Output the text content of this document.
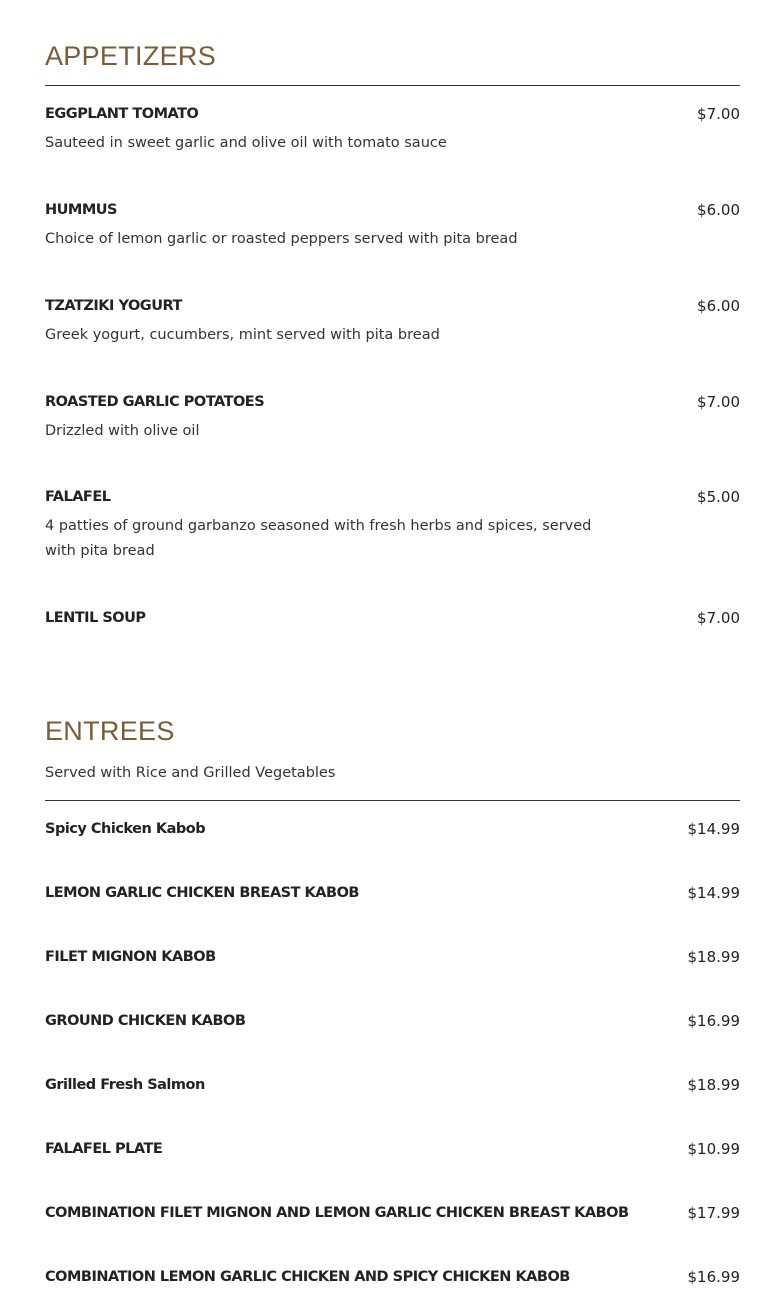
APPETIZERS
EGGPLANT TOMATO	$7.00
Sauteed in sweet garlic and olive oil with tomato sauce
HUMMUS	$6.00
Choice of lemon garlic or roasted peppers served with pita bread
TZATZIKI YOGURT	$6.00
Greek yogurt, cucumbers, mint served with pita bread
ROASTED GARLIC POTATOES	$7.00
Drizzled with olive oil
FALAFEL	$5.00
4 patties of ground garbanzo seasoned with fresh herbs and spices, served with pita bread
LENTIL SOUP	$7.00
ENTREES

Served with Rice and Grilled Vegetables

Spicy Chicken Kabob	$14.99
LEMON GARLIC CHICKEN BREAST KABOB	$14.99
FILET MIGNON KABOB	$18.99
GROUND CHICKEN KABOB	$16.99
Grilled Fresh Salmon	$18.99
FALAFEL PLATE	$10.99
COMBINATION FILET MIGNON AND LEMON GARLIC CHICKEN BREAST KABOB	$17.99
COMBINATION LEMON GARLIC CHICKEN AND SPICY CHICKEN KABOB	$16.99
